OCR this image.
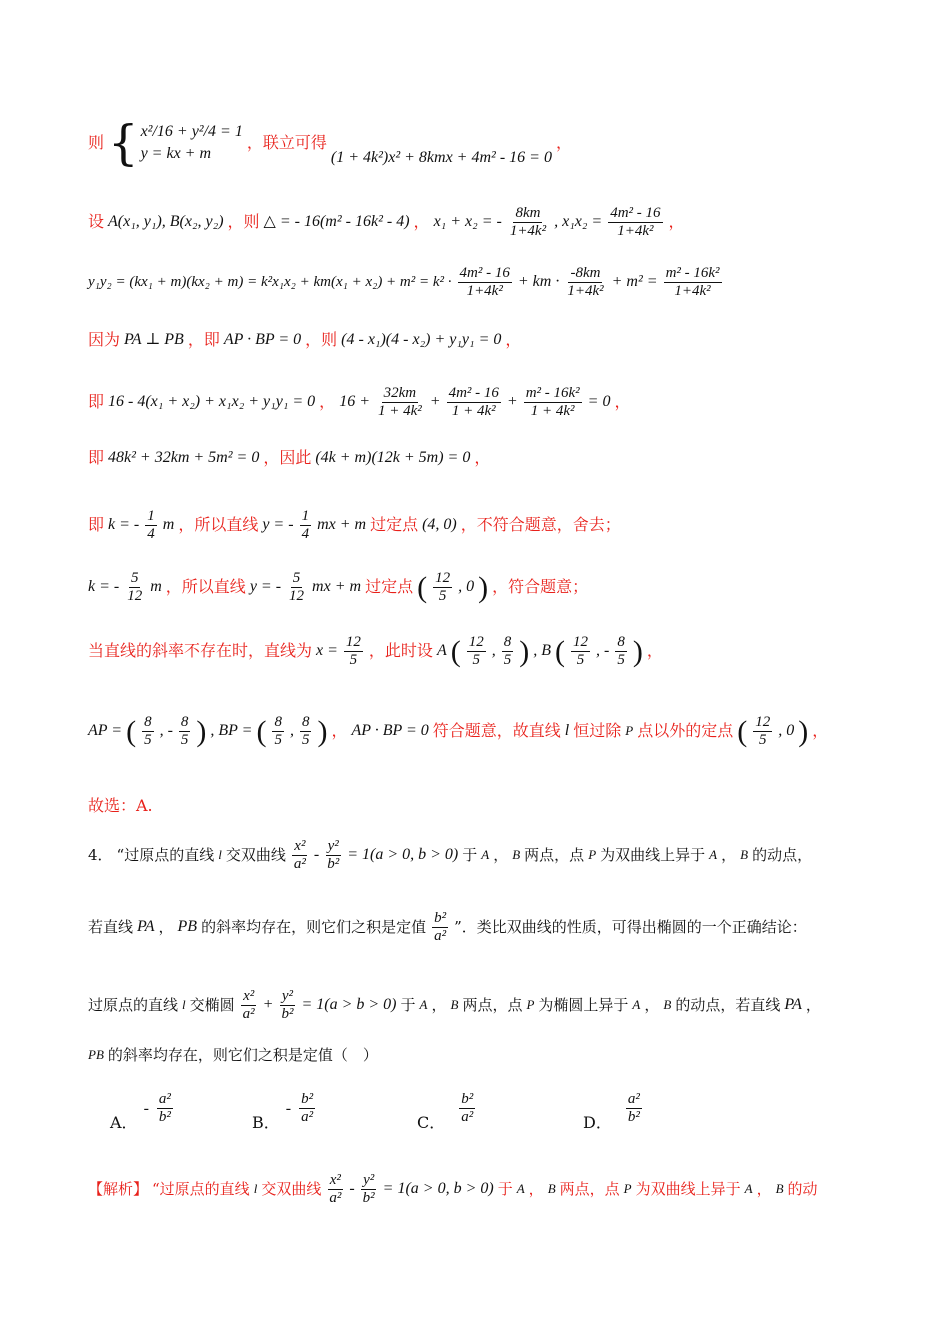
则 { x²/16 + y²/4 = 1
y = kx + m
，联立可得
(1 + 4k²)x² + 8kmx + 4m² - 16 = 0
，
设 A(x₁, y₁), B(x₂, y₂) ，则 △ = - 16(m² - 16k² - 4) ， x₁ + x₂ = - $\frac{8km}{\text{1+4k²}}$ , $x_1x_2 = \frac{\text{4m² - 16}}{\text{1+4k²}}$ ，
$y_1y_2 = (kx_1 + m)(kx_2 + m) = k^2x_1x_2 + km(x_1 + x_2) + m^2 = k^2 \cdot \frac{\text{4m² - 16}}{\text{1+4k²}}$ + km · $\frac{-8km}{\text{1+4k²}} + m^2 = \frac{\text{m² - 16k²}}{\text{1+4k²}}$
因为 PA ⊥ PB ，即 AP · BP = 0 ，则 (4 - x₁)(4 - x₂) + y₁y₁ = 0 ，
即 16 - 4(x₁ + x₂) + x₁x₂ + y₁y₁ = 0 ， $16 + \frac{32km}{\text{1 + 4k²}} + \frac{\text{4m² - 16}}{\text{1 + 4k²}} + \frac{\text{m² - 16k²}}{\text{1 + 4k²}} = 0$ ，
即 48k² + 32km + 5m² = 0 ，因此 (4k + m)(12k + 5m) = 0 ，
即 k = - $\frac{1}{4}$ m ，所以直线 y = - $\frac{1}{4}$ mx + m 过定点 (4, 0) ，不符合题意，舍去；
k = - $\frac{5}{12}$ m ，所以直线 y = - $\frac{5}{12}$ mx + m 过定点 ( $\frac{12}{5}$ , 0 ) ，符合题意；
当直线的斜率不存在时，直线为 $x = \frac{12}{5}$ ，此时设 A ( $\frac{12}{5}$ , $\frac{8}{5}$ ) , B ( $\frac{12}{5}$ , - $\frac{8}{5}$ ) ，
AP = ( $\frac{8}{5}$ , - $\frac{8}{5}$ ) , BP = ( $\frac{8}{5}$ , $\frac{8}{5}$ ) ， AP · BP = 0 符合题意，故直线 l 恒过除 P 点以外的定点 ( $\frac{12}{5}$ , 0 ) ，
故选：A.
4． “过原点的直线 l 交双曲线 $\frac{\text{x²}}{\text{a²}} - \frac{\text{y²}}{\text{b²}} = 1(a > 0$, b > 0) 于 A ， B 两点，点 P 为双曲线上异于 A ， B 的动点，
若直线 PA ， PB 的斜率均存在，则它们之积是定值 $\frac{\text{b²}}{\text{a²}}$ ”．类比双曲线的性质，可得出椭圆的一个正确结论：
过原点的直线 l 交椭圆 $\frac{\text{x²}}{\text{a²}} + \frac{\text{y²}}{\text{b²}} = 1(a > b > 0)$ 于 A ， B 两点，点 P 为椭圆上异于 A ， B 的动点，若直线 PA ，
PB 的斜率均存在，则它们之积是定值（　）
A．
- $\frac{\text{a²}}{\text{b²}}$	B．
- $\frac{\text{b²}}{\text{a²}}$	C． $\frac{\text{b²}}{\text{a²}}$	D． $\frac{\text{a²}}{\text{b²}}$
【解析】 “过原点的直线 l 交双曲线 $\frac{\text{x²}}{\text{a²}} - \frac{\text{y²}}{\text{b²}} = 1(a > 0$, b > 0) 于 A ， B 两点，点 P 为双曲线上异于 A ， B 的动
